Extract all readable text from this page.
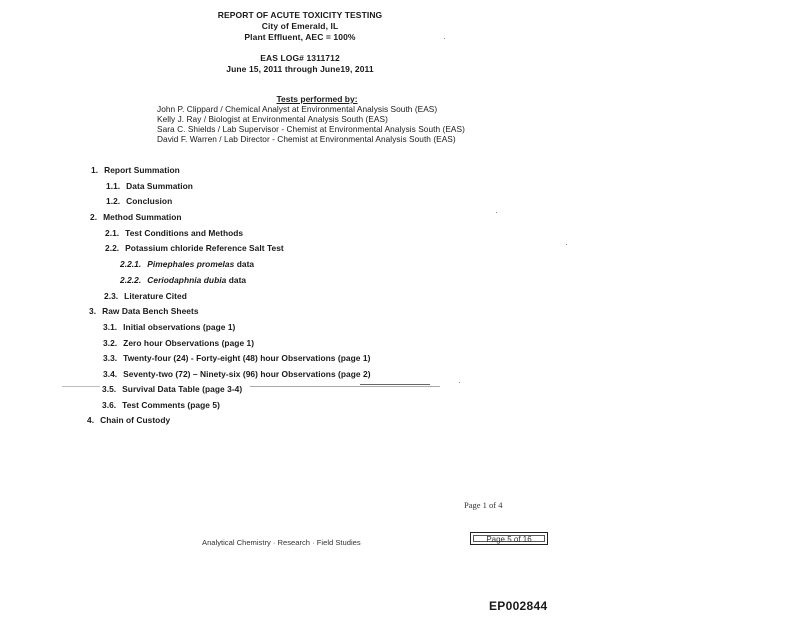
REPORT OF ACUTE TOXICITY TESTING
City of Emerald, IL
Plant Effluent, AEC = 100%
EAS LOG# 1311712
June 15, 2011 through June19, 2011
Tests performed by:
John P. Clippard / Chemical Analyst at Environmental Analysis South (EAS)
Kelly J. Ray / Biologist at Environmental Analysis South (EAS)
Sara C. Shields / Lab Supervisor - Chemist at Environmental Analysis South (EAS)
David F. Warren / Lab Director - Chemist at Environmental Analysis South (EAS)
1. Report Summation
1.1. Data Summation
1.2. Conclusion
2. Method Summation
2.1. Test Conditions and Methods
2.2. Potassium chloride Reference Salt Test
2.2.1. Pimephales promelas data
2.2.2. Ceriodaphnia dubia data
2.3. Literature Cited
3. Raw Data Bench Sheets
3.1. Initial observations (page 1)
3.2. Zero hour Observations (page 1)
3.3. Twenty-four (24) - Forty-eight (48) hour Observations (page 1)
3.4. Seventy-two (72) – Ninety-six (96) hour Observations (page 2)
3.5. Survival Data Table (page 3-4)
3.6. Test Comments (page 5)
4. Chain of Custody
Page 1 of 4
Analytical Chemistry · Research · Field Studies	Page 5 of 16
EP002844
